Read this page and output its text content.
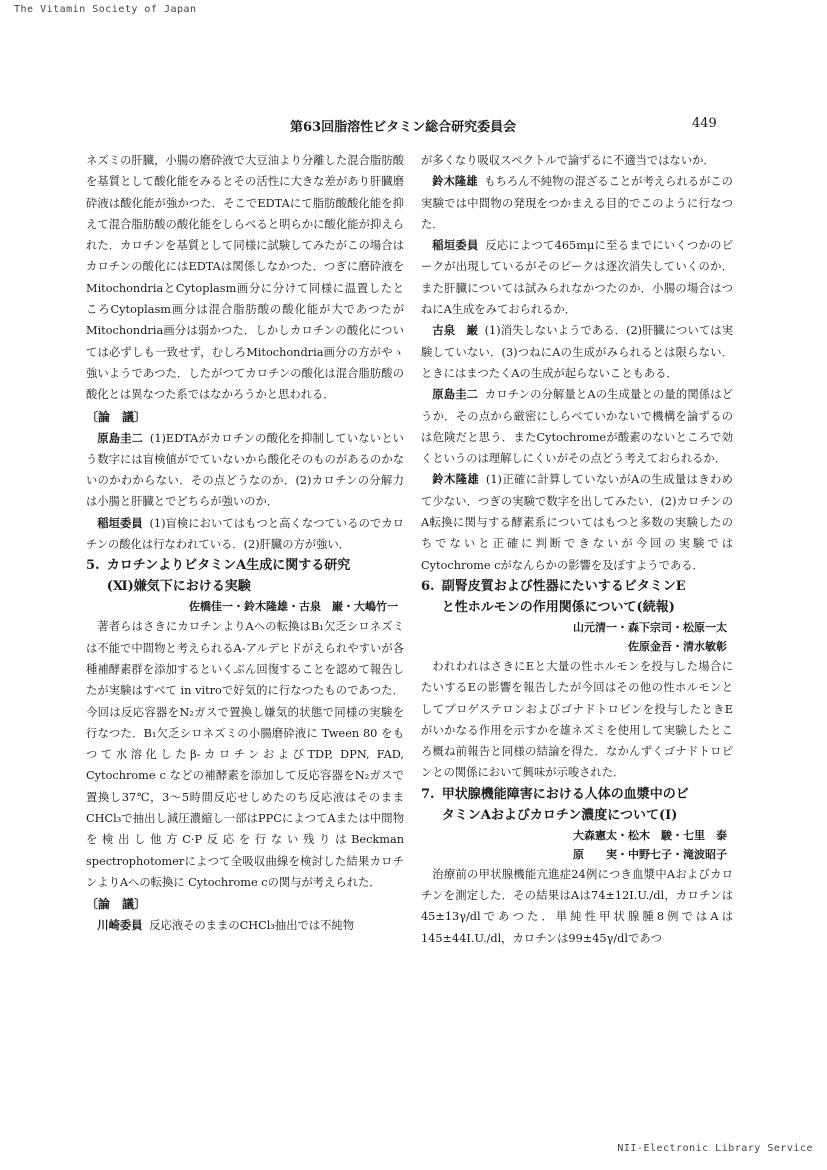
The Vitamin Society of Japan
第63回脂溶性ビタミン総合研究委員会	449

ネズミの肝臓，小腸の磨砕液で大豆油より分離した混合脂肪酸を基質として酸化能をみるとその活性に大きな差があり肝臓磨砕液は酸化能が強かつた．そこでEDTAにて脂肪酸酸化能を抑えて混合脂肪酸の酸化能をしらべると明らかに酸化能が抑えられた．カロチンを基質として同様に試験してみたがこの場合はカロチンの酸化にはEDTAは関係しなかつた．つぎに磨砕液をMitochondriaとCytoplasm画分に分けて同様に温置したところCytoplasm画分は混合脂肪酸の酸化能が大であつたがMitochondria画分は弱かつた．しかしカロチンの酸化については必ずしも一致せず，むしろMitochondria画分の方がやゝ強いようであつた．したがつてカロチンの酸化は混合脂肪酸の酸化とは異なつた系ではなかろうかと思われる．

〔論　議〕

原島圭二 (1)EDTAがカロチンの酸化を抑制していないという数字には盲検値がでていないから酸化そのものがあるのかないのかわからない．その点どうなのか．(2)カロチンの分解力は小腸と肝臓とでどちらが強いのか．

稲垣委員 (1)盲検においてはもつと高くなつているのでカロチンの酸化は行なわれている．(2)肝臓の方が強い．

5. カロチンよりビタミンA生成に関する研究
(Ⅺ)嫌気下における実験
佐橋佳一・鈴木隆雄・古泉　巌・大嶋竹一

著者らはさきにカロチンよりAへの転換はB₁欠乏シロネズミは不能で中間物と考えられるA-アルデヒドがえられやすいが各種補酵素群を添加するといくぶん回復することを認めて報告したが実験はすべて in vitroで好気的に行なつたものであつた．今回は反応容器をN₂ガスで置換し嫌気的状態で同様の実験を行なつた．B₁欠乏シロネズミの小腸磨砕液に Tween 80 をもつて水溶化したβ-カロチンおよびTDP, DPN, FAD, Cytochrome c などの補酵素を添加して反応容器をN₂ガスで置換し37℃，3～5時間反応せしめたのち反応液はそのままCHCl₃で抽出し減圧濃縮し一部はPPCによつてAまたは中間物を検出し他方C·P反応を行ない残りはBeckman spectrophotomerによつて全吸収曲線を検討した結果カロチンよりAへの転換に Cytochrome cの関与が考えられた．

〔論　議〕

川崎委員 反応液そのままのCHCl₃抽出では不純物

が多くなり吸収スペクトルで論ずるに不適当ではないか．

鈴木隆雄 もちろん不純物の混ざることが考えられるがこの実験では中間物の発現をつかまえる目的でこのように行なつた．

稲垣委員 反応によつて465mμに至るまでにいくつかのピークが出現しているがそのピークは逐次消失していくのか．また肝臓については試みられなかつたのか．小腸の場合はつねにA生成をみておられるか．

古泉　巌 (1)消失しないようである．(2)肝臓については実験していない．(3)つねにAの生成がみられるとは限らない．ときにはまつたくAの生成が起らないこともある．

原島圭二 カロチンの分解量とAの生成量との量的関係はどうか．その点から厳密にしらべていかないで機構を論ずるのは危険だと思う．またCytochromeが酸素のないところで効くというのは理解しにくいがその点どう考えておられるか．

鈴木隆雄 (1)正確に計算していないがAの生成量はきわめて少ない．つぎの実験で数字を出してみたい．(2)カロチンのA転換に関与する酵素系についてはもつと多数の実験したのちでないと正確に判断できないが今回の実験ではCytochrome cがなんらかの影響を及ぼすようである．

6. 副腎皮質および性器にたいするビタミンE
と性ホルモンの作用関係について(続報)
山元清一・森下宗司・松原一太
佐原金吾・清水敏彰

われわれはさきにEと大量の性ホルモンを投与した場合にたいするEの影響を報告したが今回はその他の性ホルモンとしてプロゲステロンおよびゴナドトロピンを投与したときEがいかなる作用を示すかを雄ネズミを使用して実験したところ概ね前報告と同様の結論を得た．なかんずくゴナドトロピンとの関係において興味が示唆された．

7. 甲状腺機能障害における人体の血漿中のビ
タミンAおよびカロチン濃度について(Ⅰ)
大森憲太・松木　駿・七里　泰
原　　実・中野七子・滝波昭子

治療前の甲状腺機能亢進症24例につき血漿中Aおよびカロチンを測定した．その結果はAは74±12I.U./dl，カロチンは45±13γ/dlであつた．単純性甲状腺腫8例ではAは145±44I.U./dl，カロチンは99±45γ/dlであつ

NII-Electronic Library Service
